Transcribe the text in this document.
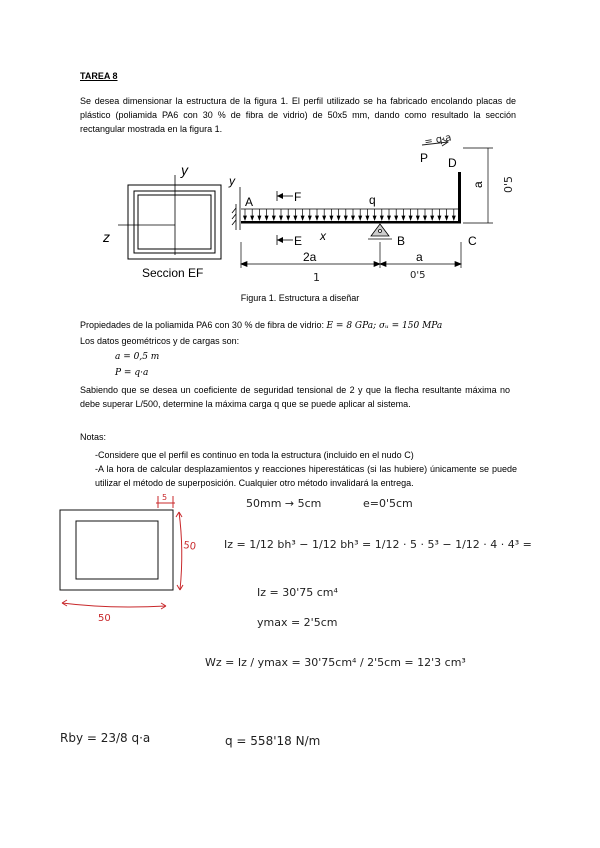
TAREA 8
Se desea dimensionar la estructura de la figura 1. El perfil utilizado se ha fabricado encolando placas de plástico (poliamida PA6 con 30 % de fibra de vidrio) de 50x5 mm, dando como resultado la sección rectangular mostrada en la figura 1.
y
z
Seccion EF
y
A
B	C
D
q
P
x
F
E
= q·a
a 0'5
2a	a
1	0'5
Figura 1. Estructura a diseñar
Propiedades de la poliamida PA6 con 30 % de fibra de vidrio: E = 8 GPa; σᵤ = 150 MPa
Los datos geométricos y de cargas son:
a = 0,5 m
P = q·a
Sabiendo que se desea un coeficiente de seguridad tensional de 2 y que la flecha resultante máxima no debe superar L/500, determine la máxima carga q que se puede aplicar al sistema.
Notas:
-Considere que el perfil es continuo en toda la estructura (incluido en el nudo C)
-A la hora de calcular desplazamientos y reacciones hiperestáticas (si las hubiere) únicamente se puede utilizar el método de superposición. Cualquier otro método invalidará la entrega.
5
50
50
50mm → 5cm	e=0'5cm
Iz = 1/12 bh³ − 1/12 bh³ = 1/12 · 5 · 5³ − 1/12 · 4 · 4³ =
Iz = 30'75 cm⁴
ymax = 2'5cm
Wz = Iz / ymax = 30'75cm⁴ / 2'5cm = 12'3 cm³
Rby = 23/8 q·a	q = 558'18 N/m
